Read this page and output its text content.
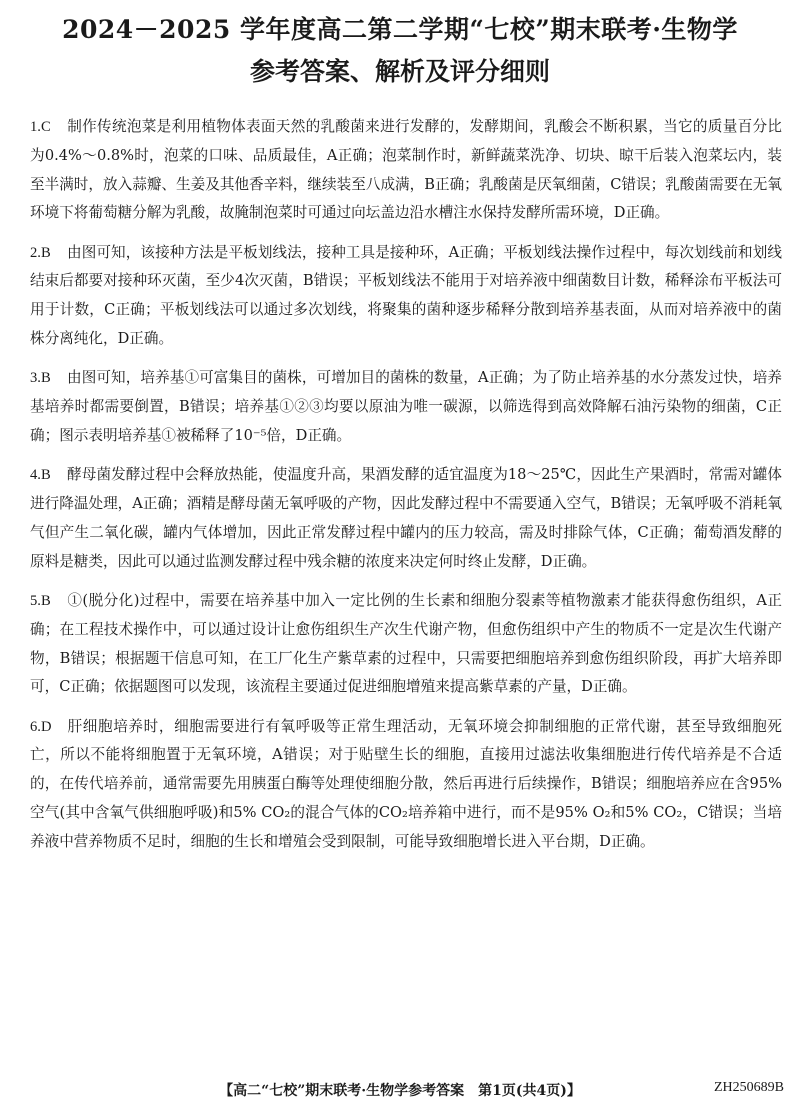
2024－2025 学年度高二第二学期“七校”期末联考·生物学
参考答案、解析及评分细则

1.C 制作传统泡菜是利用植物体表面天然的乳酸菌来进行发酵的，发酵期间，乳酸会不断积累，当它的质量百分比为0.4%～0.8%时，泡菜的口味、品质最佳，A正确；泡菜制作时，新鲜蔬菜洗净、切块、晾干后装入泡菜坛内，装至半满时，放入蒜瓣、生姜及其他香辛料，继续装至八成满，B正确；乳酸菌是厌氧细菌，C错误；乳酸菌需要在无氧环境下将葡萄糖分解为乳酸，故腌制泡菜时可通过向坛盖边沿水槽注水保持发酵所需环境，D正确。

2.B 由图可知，该接种方法是平板划线法，接种工具是接种环，A正确；平板划线法操作过程中，每次划线前和划线结束后都要对接种环灭菌，至少4次灭菌，B错误；平板划线法不能用于对培养液中细菌数目计数，稀释涂布平板法可用于计数，C正确；平板划线法可以通过多次划线，将聚集的菌种逐步稀释分散到培养基表面，从而对培养液中的菌株分离纯化，D正确。

3.B 由图可知，培养基①可富集目的菌株，可增加目的菌株的数量，A正确；为了防止培养基的水分蒸发过快，培养基培养时都需要倒置，B错误；培养基①②③均要以原油为唯一碳源，以筛选得到高效降解石油污染物的细菌，C正确；图示表明培养基①被稀释了10⁻⁵倍，D正确。

4.B 酵母菌发酵过程中会释放热能，使温度升高，果酒发酵的适宜温度为18～25℃，因此生产果酒时，常需对罐体进行降温处理，A正确；酒精是酵母菌无氧呼吸的产物，因此发酵过程中不需要通入空气，B错误；无氧呼吸不消耗氧气但产生二氧化碳，罐内气体增加，因此正常发酵过程中罐内的压力较高，需及时排除气体，C正确；葡萄酒发酵的原料是糖类，因此可以通过监测发酵过程中残余糖的浓度来决定何时终止发酵，D正确。

5.B ①(脱分化)过程中，需要在培养基中加入一定比例的生长素和细胞分裂素等植物激素才能获得愈伤组织，A正确；在工程技术操作中，可以通过设计让愈伤组织生产次生代谢产物，但愈伤组织中产生的物质不一定是次生代谢产物，B错误；根据题干信息可知，在工厂化生产紫草素的过程中，只需要把细胞培养到愈伤组织阶段，再扩大培养即可，C正确；依据题图可以发现，该流程主要通过促进细胞增殖来提高紫草素的产量，D正确。

6.D 肝细胞培养时，细胞需要进行有氧呼吸等正常生理活动，无氧环境会抑制细胞的正常代谢，甚至导致细胞死亡，所以不能将细胞置于无氧环境，A错误；对于贴壁生长的细胞，直接用过滤法收集细胞进行传代培养是不合适的，在传代培养前，通常需要先用胰蛋白酶等处理使细胞分散，然后再进行后续操作，B错误；细胞培养应在含95%空气(其中含氧气供细胞呼吸)和5% CO₂的混合气体的CO₂培养箱中进行，而不是95% O₂和5% CO₂，C错误；当培养液中营养物质不足时，细胞的生长和增殖会受到限制，可能导致细胞增长进入平台期，D正确。

【高二“七校”期末联考·生物学参考答案　第1页(共4页)】	ZH250689B
